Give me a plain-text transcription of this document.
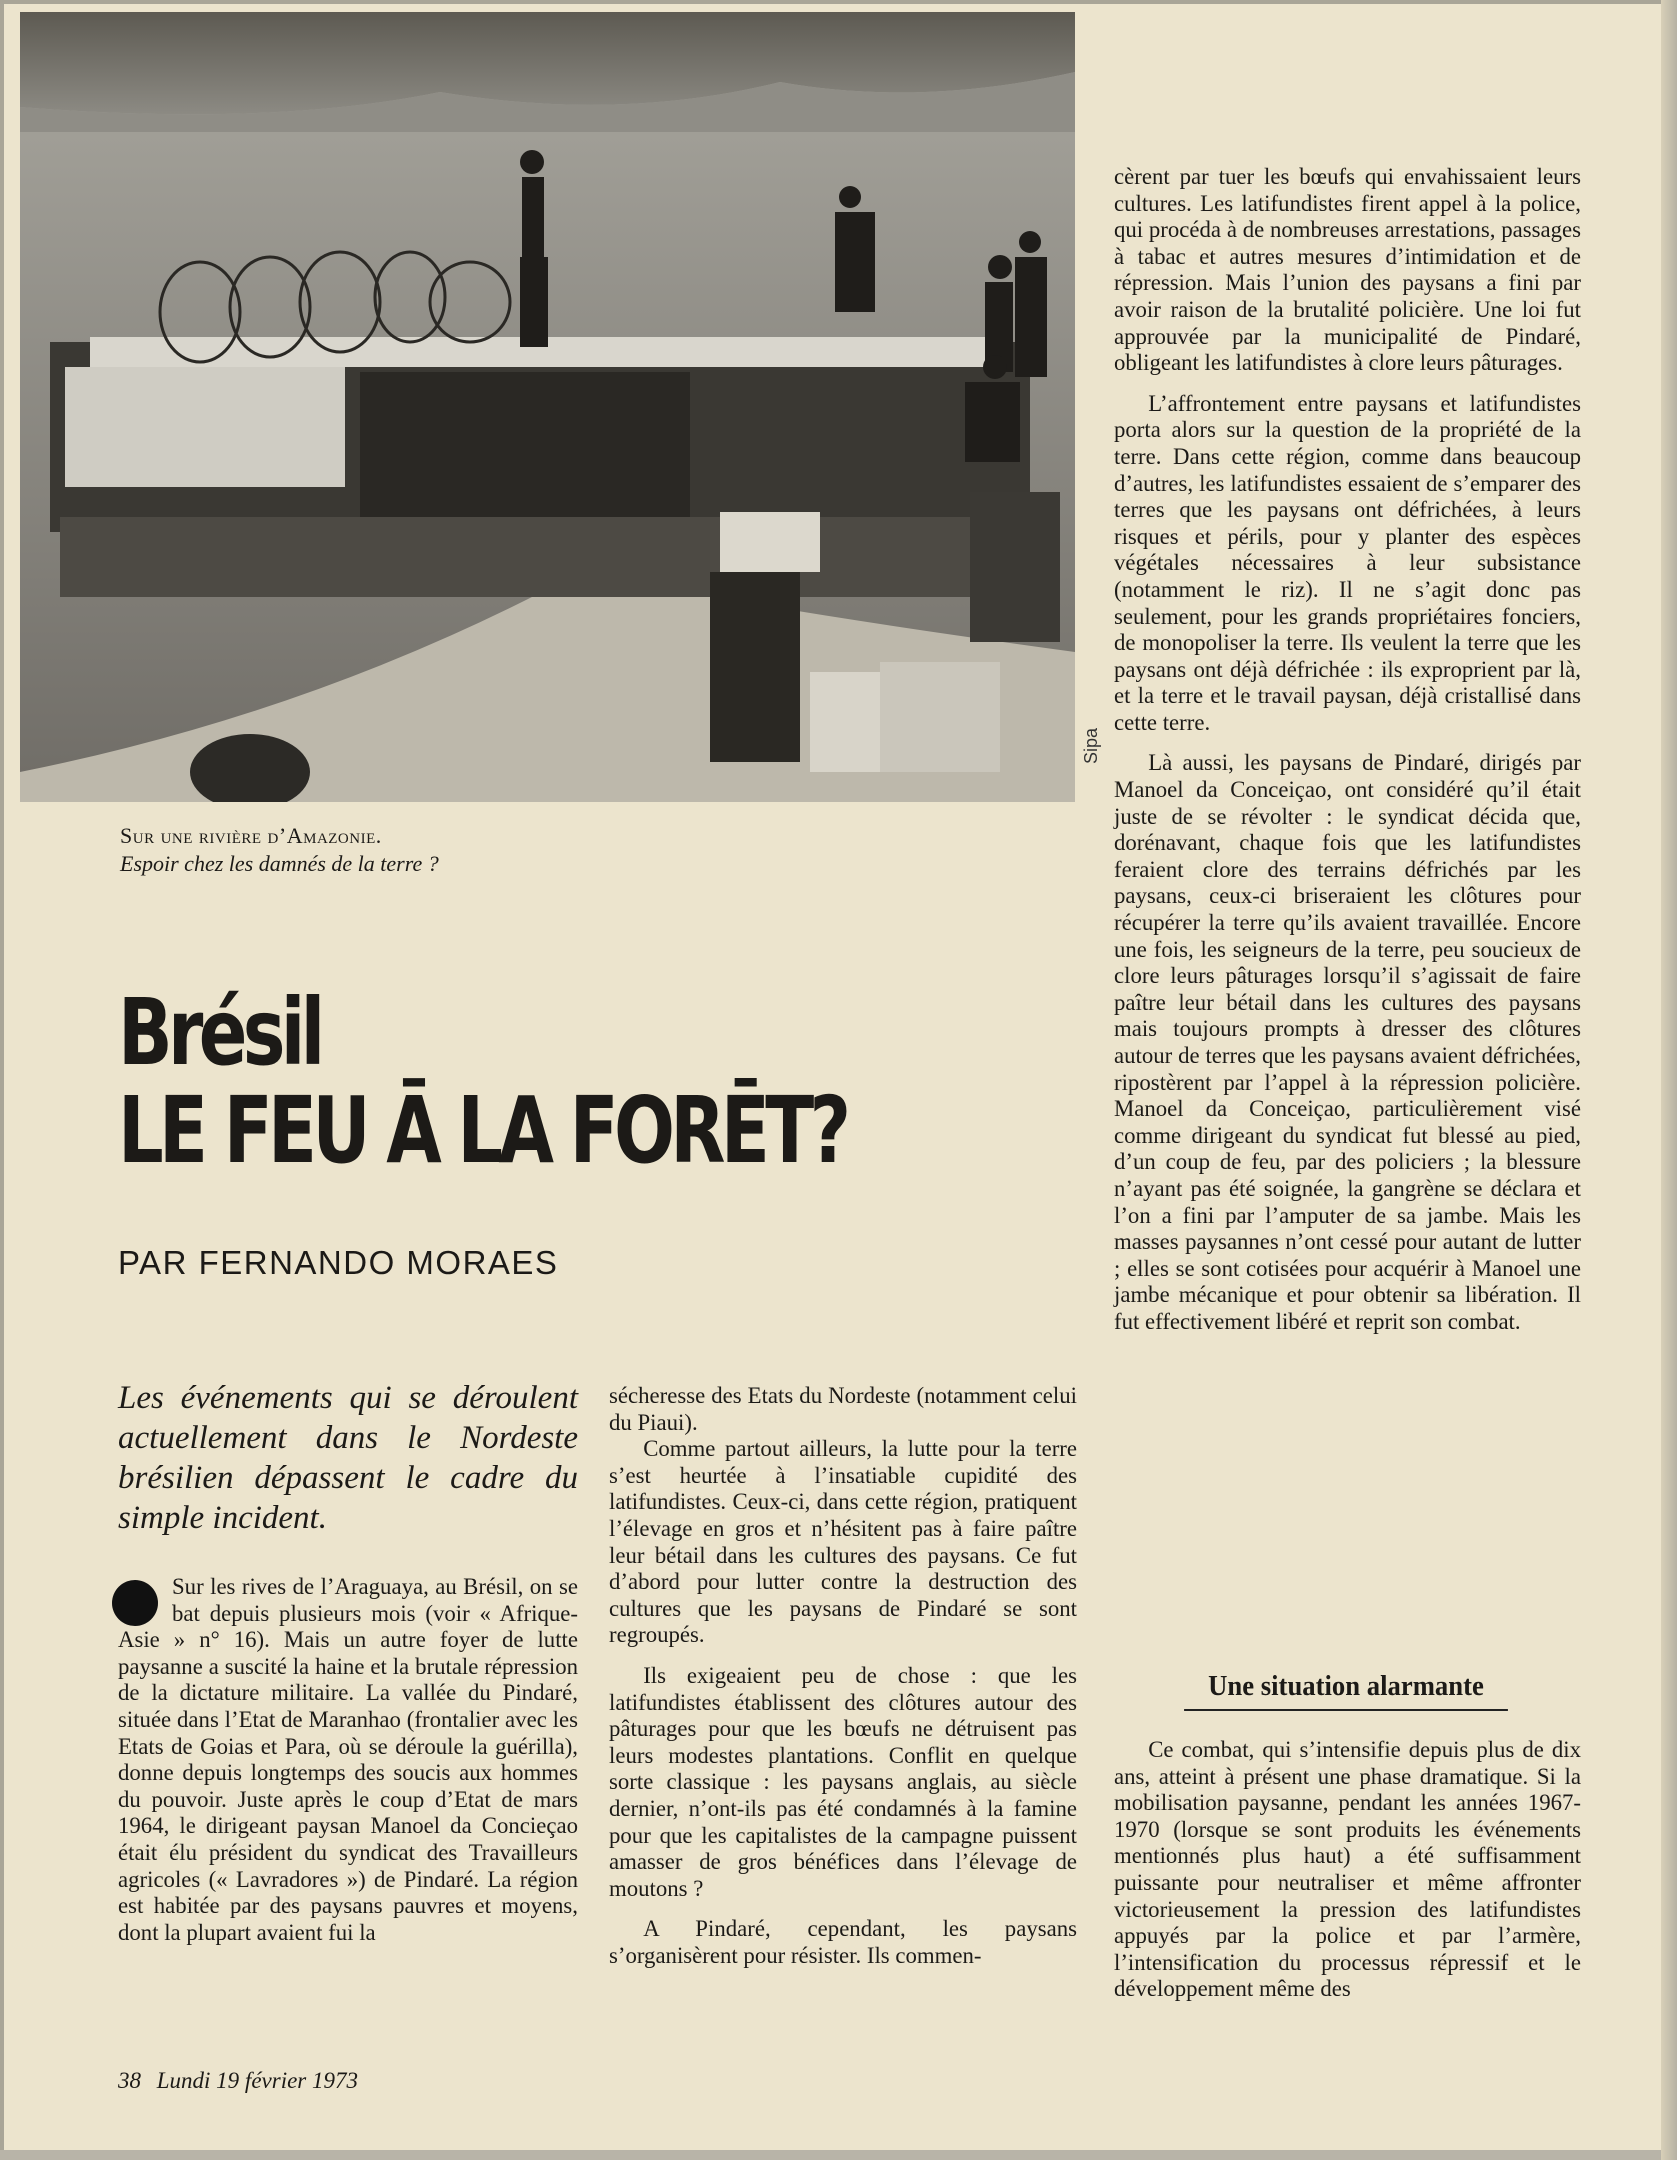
Sipa
Sur une rivière d’Amazonie.
Espoir chez les damnés de la terre ?
Brésil
LE FEU Ā LA FORĒT?
PAR FERNANDO MORAES
Les événements qui se déroulent actuellement dans le Nordeste brésilien dépassent le cadre du simple incident.

Sur les rives de l’Araguaya, au Brésil, on se bat depuis plusieurs mois (voir « Afrique-Asie » n° 16). Mais un autre foyer de lutte paysanne a suscité la haine et la brutale répression de la dictature militaire. La vallée du Pindaré, située dans l’Etat de Maranhao (frontalier avec les Etats de Goias et Para, où se déroule la guérilla), donne depuis longtemps des soucis aux hommes du pouvoir. Juste après le coup d’Etat de mars 1964, le dirigeant paysan Manoel da Concieçao était élu président du syndicat des Travailleurs agricoles (« Lavradores ») de Pindaré. La région est habitée par des paysans pauvres et moyens, dont la plupart avaient fui la

sécheresse des Etats du Nordeste (notamment celui du Piaui).

Comme partout ailleurs, la lutte pour la terre s’est heurtée à l’insatiable cupidité des latifundistes. Ceux-ci, dans cette région, pratiquent l’élevage en gros et n’hésitent pas à faire paître leur bétail dans les cultures des paysans. Ce fut d’abord pour lutter contre la destruction des cultures que les paysans de Pindaré se sont regroupés.

Ils exigeaient peu de chose : que les latifundistes établissent des clôtures autour des pâturages pour que les bœufs ne détruisent pas leurs modestes plantations. Conflit en quelque sorte classique : les paysans anglais, au siècle dernier, n’ont-ils pas été condamnés à la famine pour que les capitalistes de la campagne puissent amasser de gros bénéfices dans l’élevage de moutons ?

A Pindaré, cependant, les paysans s’organisèrent pour résister. Ils commen-

cèrent par tuer les bœufs qui envahissaient leurs cultures. Les latifundistes firent appel à la police, qui procéda à de nombreuses arrestations, passages à tabac et autres mesures d’intimidation et de répression. Mais l’union des paysans a fini par avoir raison de la brutalité policière. Une loi fut approuvée par la municipalité de Pindaré, obligeant les latifundistes à clore leurs pâturages.

L’affrontement entre paysans et latifundistes porta alors sur la question de la propriété de la terre. Dans cette région, comme dans beaucoup d’autres, les latifundistes essaient de s’emparer des terres que les paysans ont défrichées, à leurs risques et périls, pour y planter des espèces végétales nécessaires à leur subsistance (notamment le riz). Il ne s’agit donc pas seulement, pour les grands propriétaires fonciers, de monopoliser la terre. Ils veulent la terre que les paysans ont déjà défrichée : ils exproprient par là, et la terre et le travail paysan, déjà cristallisé dans cette terre.

Là aussi, les paysans de Pindaré, dirigés par Manoel da Conceiçao, ont considéré qu’il était juste de se révolter : le syndicat décida que, dorénavant, chaque fois que les latifundistes feraient clore des terrains défrichés par les paysans, ceux-ci briseraient les clôtures pour récupérer la terre qu’ils avaient travaillée. Encore une fois, les seigneurs de la terre, peu soucieux de clore leurs pâturages lorsqu’il s’agissait de faire paître leur bétail dans les cultures des paysans mais toujours prompts à dresser des clôtures autour de terres que les paysans avaient défrichées, ripostèrent par l’appel à la répression policière. Manoel da Conceiçao, particulièrement visé comme dirigeant du syndicat fut blessé au pied, d’un coup de feu, par des policiers ; la blessure n’ayant pas été soignée, la gangrène se déclara et l’on a fini par l’amputer de sa jambe. Mais les masses paysannes n’ont cessé pour autant de lutter ; elles se sont cotisées pour acquérir à Manoel une jambe mécanique et pour obtenir sa libération. Il fut effectivement libéré et reprit son combat.

Une situation alarmante

Ce combat, qui s’intensifie depuis plus de dix ans, atteint à présent une phase dramatique. Si la mobilisation paysanne, pendant les années 1967-1970 (lorsque se sont produits les événements mentionnés plus haut) a été suffisamment puissante pour neutraliser et même affronter victorieusement la pression des latifundistes appuyés par la police et par l’armère, l’intensification du processus répressif et le développement même des

38 Lundi 19 février 1973
